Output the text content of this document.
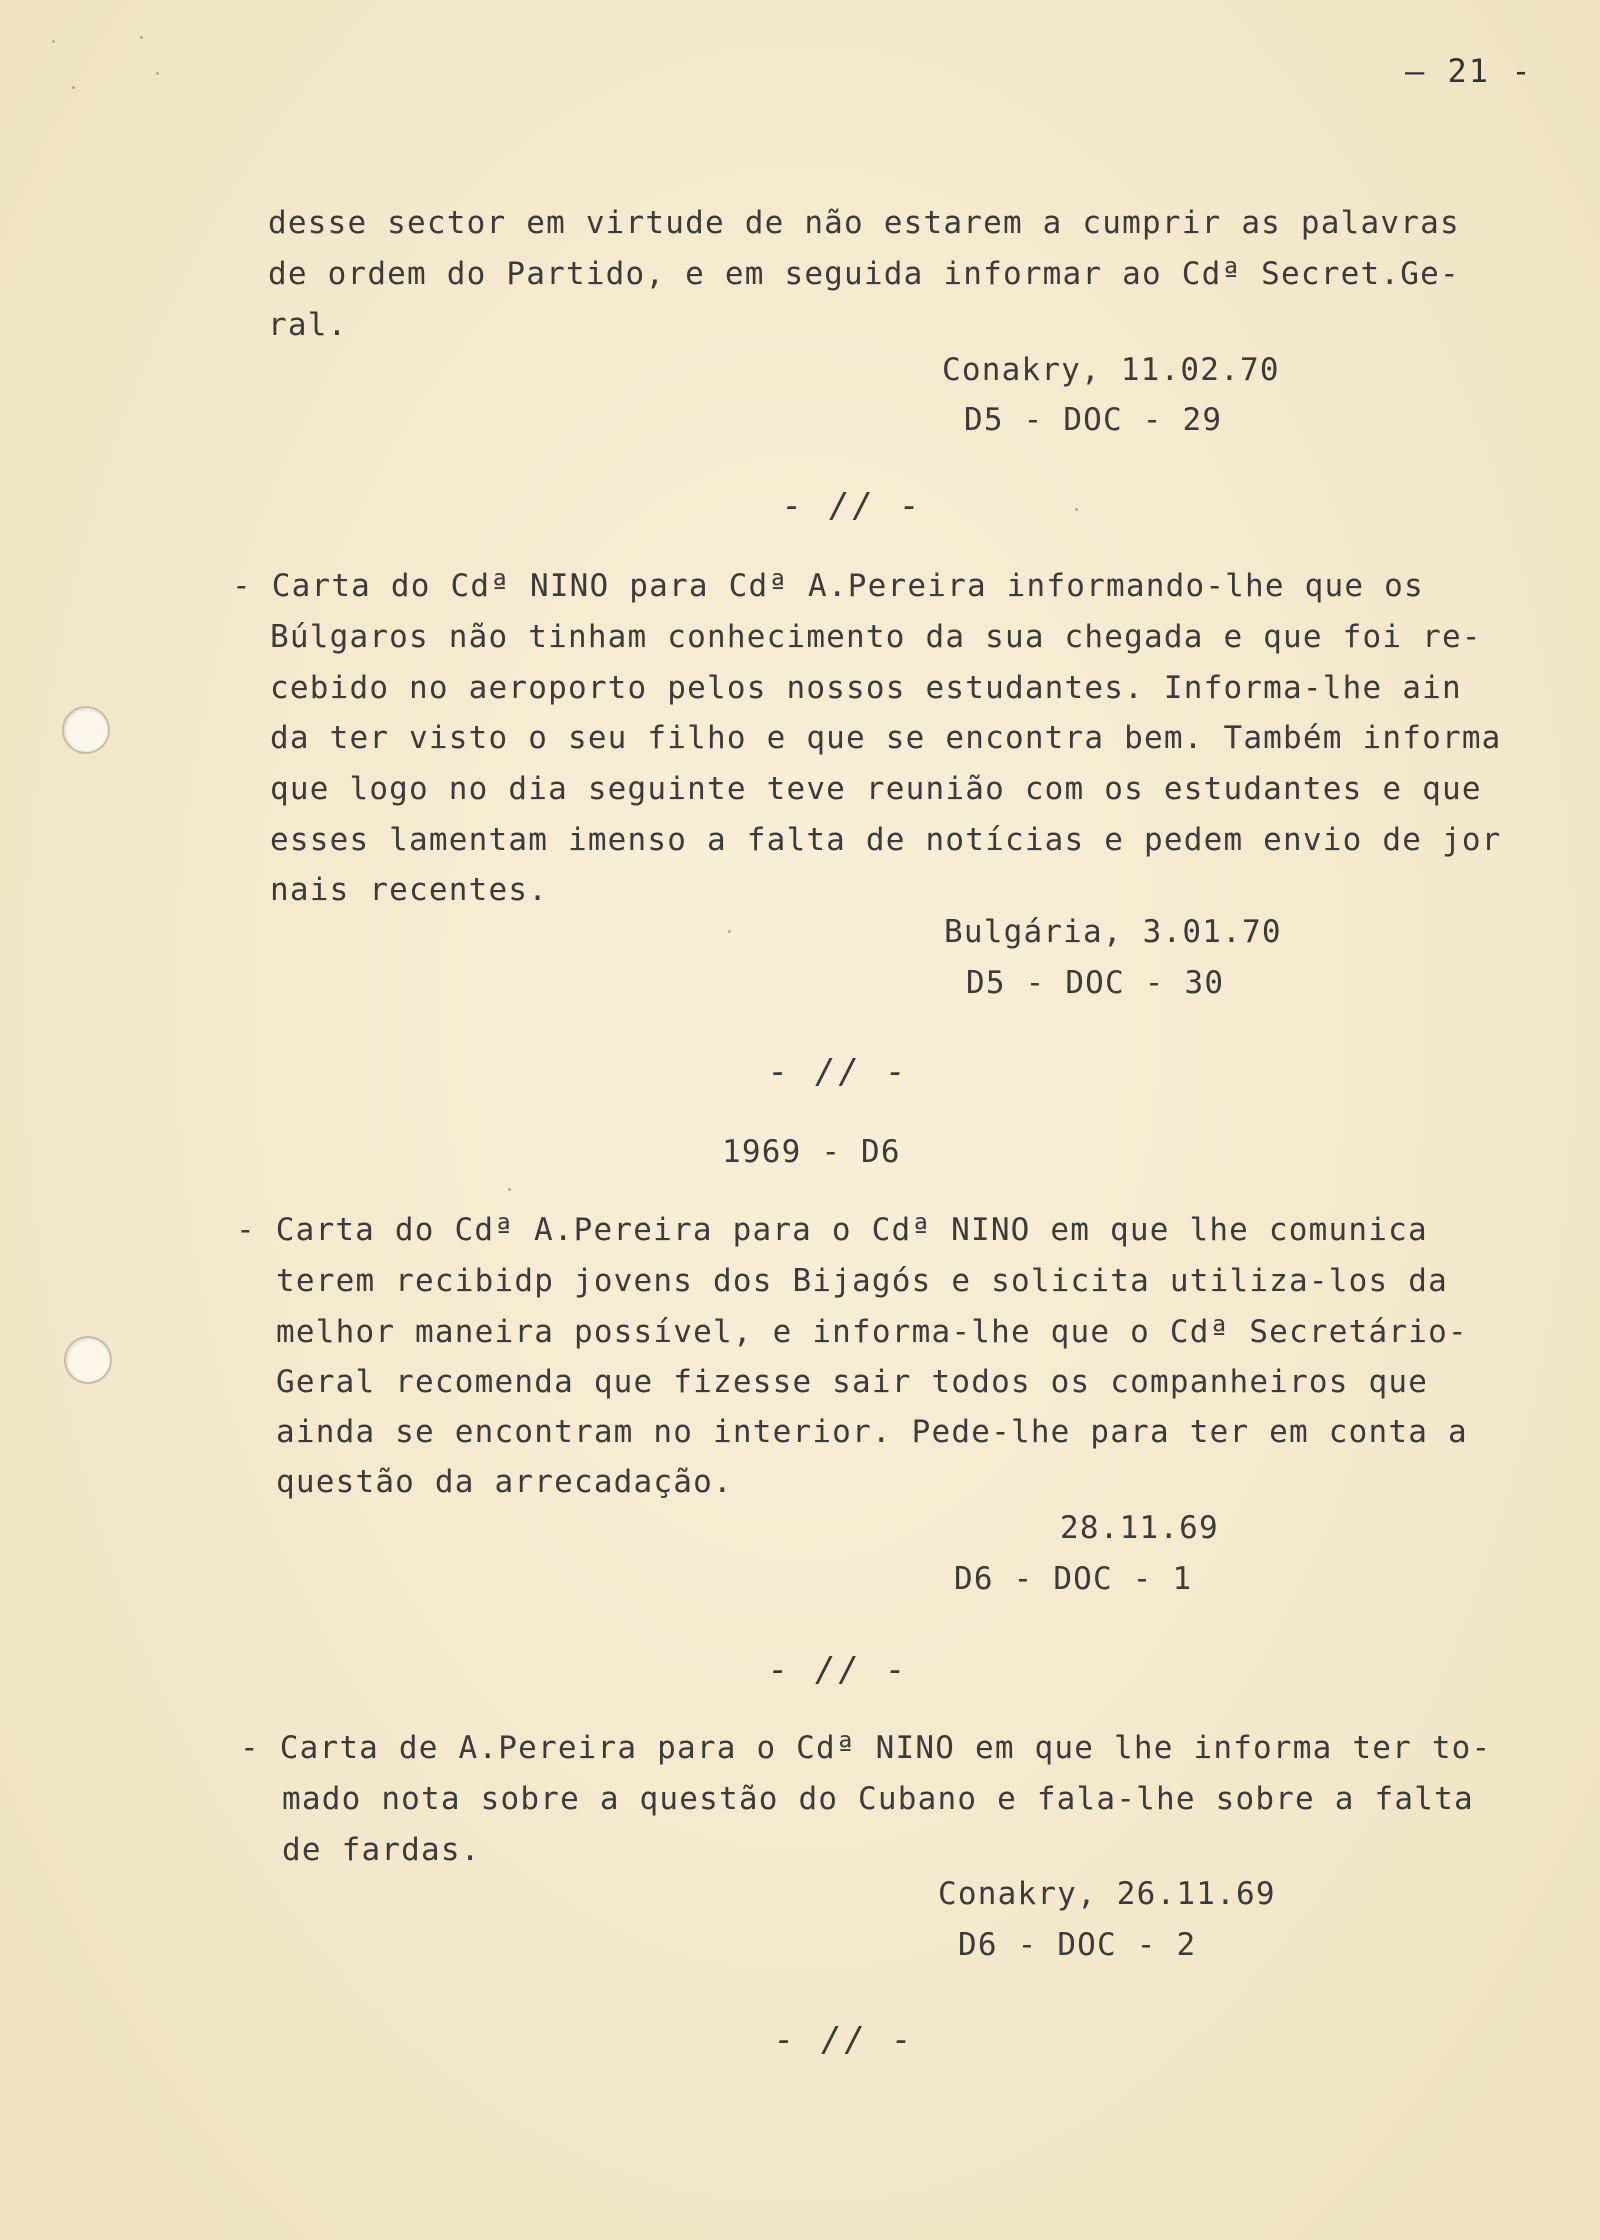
– 21 -
desse sector em virtude de não estarem a cumprir as palavras
de ordem do Partido, e em seguida informar ao Cdª Secret.Ge-
ral.
Conakry, 11.02.70
D5 - DOC - 29
- // -
- Carta do Cdª NINO para Cdª A.Pereira informando-lhe que os
Búlgaros não tinham conhecimento da sua chegada e que foi re-
cebido no aeroporto pelos nossos estudantes. Informa-lhe ain
da ter visto o seu filho e que se encontra bem. Também informa
que logo no dia seguinte teve reunião com os estudantes e que
esses lamentam imenso a falta de notícias e pedem envio de jor
nais recentes.
Bulgária, 3.01.70
D5 - DOC - 30
- // -
1969 - D6
- Carta do Cdª A.Pereira para o Cdª NINO em que lhe comunica
terem recibidp jovens dos Bijagós e solicita utiliza-los da
melhor maneira possível, e informa-lhe que o Cdª Secretário-
Geral recomenda que fizesse sair todos os companheiros que
ainda se encontram no interior. Pede-lhe para ter em conta a
questão da arrecadação.
28.11.69
D6 - DOC - 1
- // -
- Carta de A.Pereira para o Cdª NINO em que lhe informa ter to-
mado nota sobre a questão do Cubano e fala-lhe sobre a falta
de fardas.
Conakry, 26.11.69
D6 - DOC - 2
- // -
